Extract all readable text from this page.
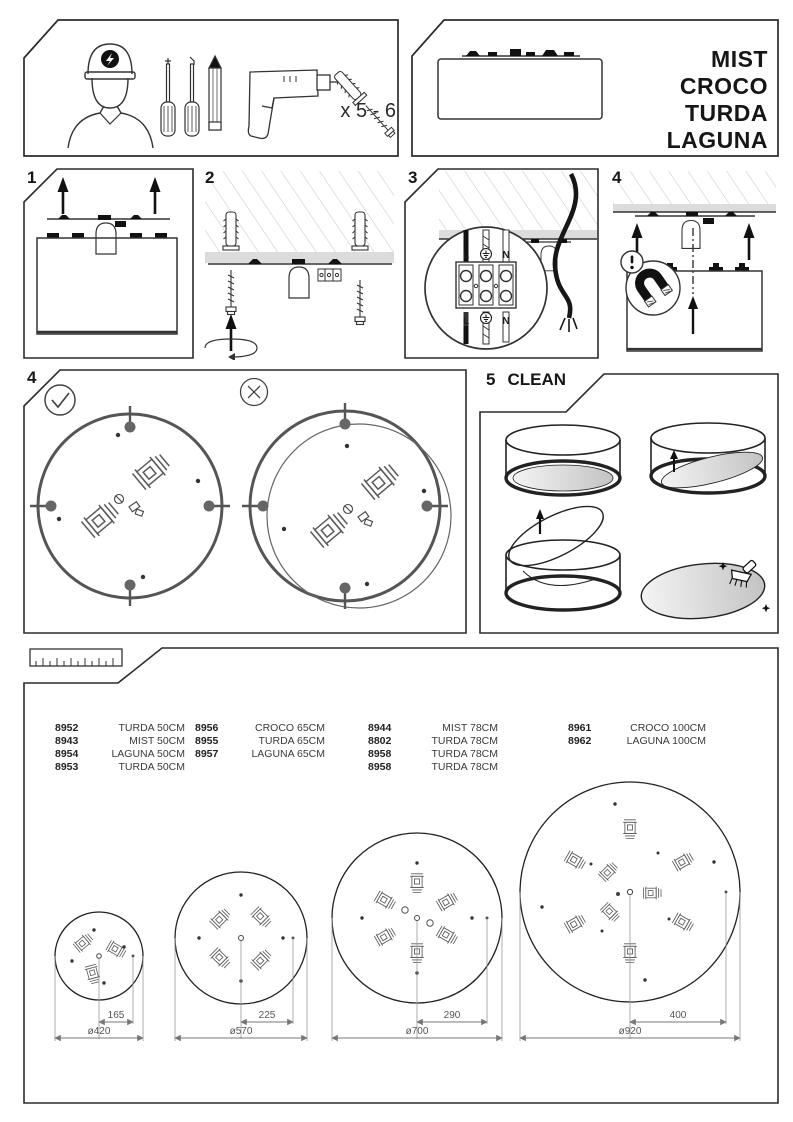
x 5 - 6
MIST
CROCO
TURDA
LAGUNA
1	2
L	N
L	N
3	4
4	5 CLEAN
165
ø420
225
ø570
290
ø700
400
ø920
8952	TURDA 50CM
8943	MIST 50CM
8954	LAGUNA 50CM
8953	TURDA 50CM
8956	CROCO 65CM
8955	TURDA 65CM
8957	LAGUNA 65CM
8944	MIST 78CM
8802	TURDA 78CM
8958	TURDA 78CM
8958	TURDA 78CM
8961	CROCO 100CM
8962	LAGUNA 100CM
